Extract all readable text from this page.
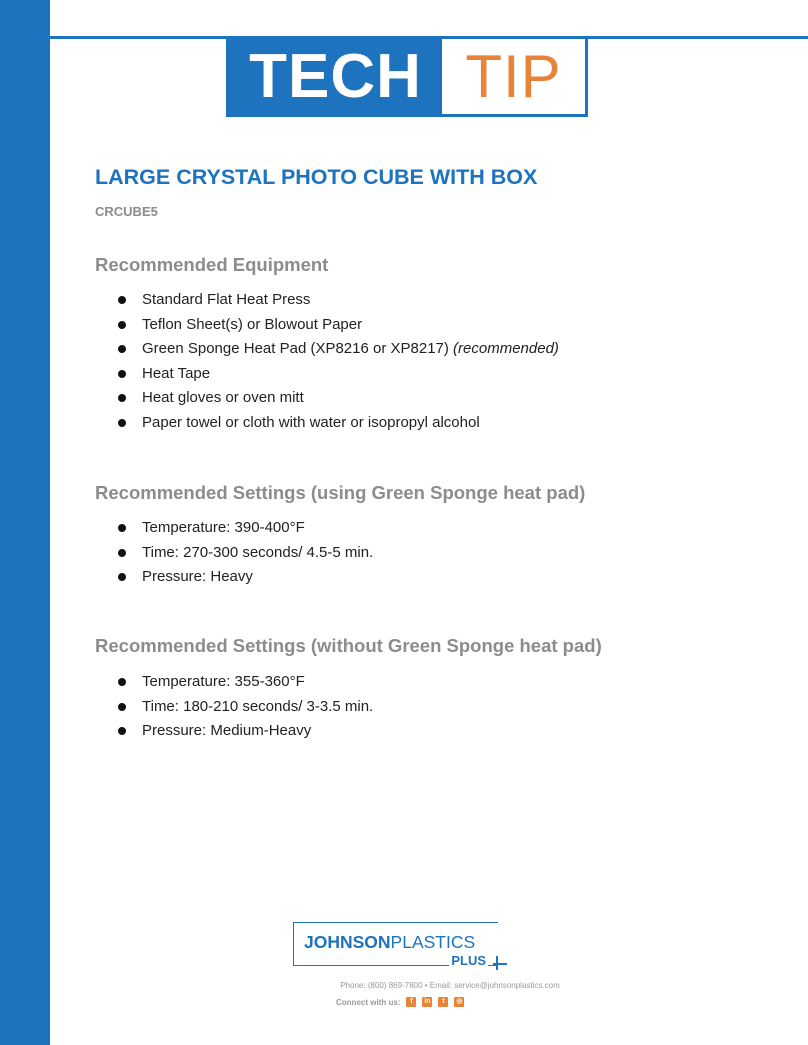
TECH TIP
LARGE CRYSTAL PHOTO CUBE WITH BOX
CRCUBE5
Recommended Equipment
Standard Flat Heat Press
Teflon Sheet(s) or Blowout Paper
Green Sponge Heat Pad (XP8216 or XP8217) (recommended)
Heat Tape
Heat gloves or oven mitt
Paper towel or cloth with water or isopropyl alcohol
Recommended Settings (using Green Sponge heat pad)
Temperature: 390-400°F
Time: 270-300 seconds/ 4.5-5 min.
Pressure: Heavy
Recommended Settings (without Green Sponge heat pad)
Temperature: 355-360°F
Time: 180-210 seconds/ 3-3.5 min.
Pressure: Medium-Heavy
JOHNSONPLASTICS
PLUS
Phone: (800) 869-7800 • Email: service@johnsonplastics.com
Connect with us:	f	in	t	◎
